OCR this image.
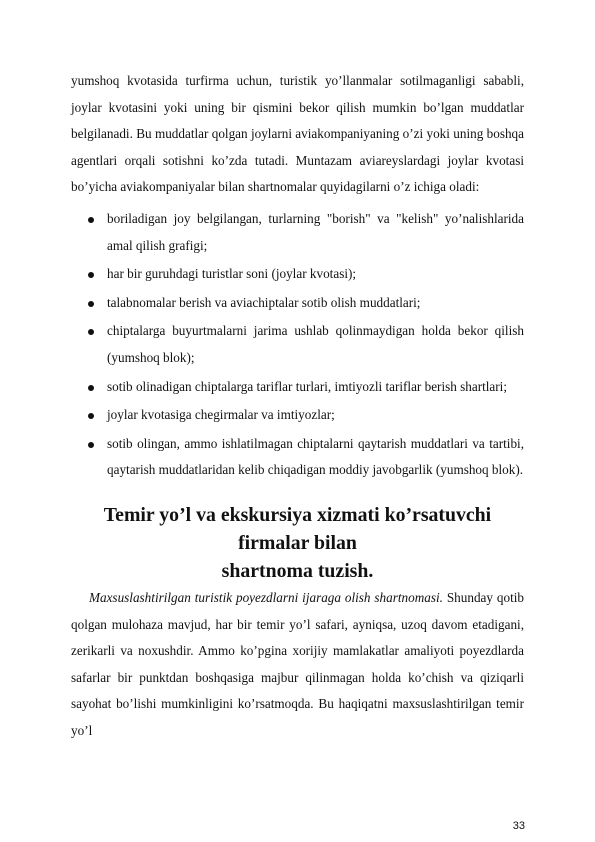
yumshoq kvotasida turfirma uchun, turistik yo’llanmalar sotilmaganligi sababli, joylar kvotasini yoki uning bir qismini bekor qilish mumkin bo’lgan muddatlar belgilanadi. Bu muddatlar qolgan joylarni aviakompaniyaning o’zi yoki uning boshqa agentlari orqali sotishni ko’zda tutadi. Muntazam aviareyslardagi joylar kvotasi bo’yicha aviakompaniyalar bilan shartnomalar quyidagilarni o’z ichiga oladi:

boriladigan joy belgilangan, turlarning "borish" va "kelish" yo’nalishlarida amal qilish grafigi;
har bir guruhdagi turistlar soni (joylar kvotasi);
talabnomalar berish va aviachiptalar sotib olish muddatlari;
chiptalarga buyurtmalarni jarima ushlab qolinmaydigan holda bekor qilish (yumshoq blok);
sotib olinadigan chiptalarga tariflar turlari, imtiyozli tariflar berish shartlari;
joylar kvotasiga chegirmalar va imtiyozlar;
sotib olingan, ammo ishlatilmagan chiptalarni qaytarish muddatlari va tartibi, qaytarish muddatlaridan kelib chiqadigan moddiy javobgarlik (yumshoq blok).
Temir yo’l va ekskursiya xizmati ko’rsatuvchi firmalar bilan
shartnoma tuzish.

Maxsuslashtirilgan turistik poyezdlarni ijaraga olish shartnomasi. Shunday qotib qolgan mulohaza mavjud, har bir temir yo’l safari, ayniqsa, uzoq davom etadigani, zerikarli va noxushdir. Ammo ko’pgina xorijiy mamlakatlar amaliyoti poyezdlarda safarlar bir punktdan boshqasiga majbur qilinmagan holda ko’chish va qiziqarli sayohat bo’lishi mumkinligini ko’rsatmoqda. Bu haqiqatni maxsuslashtirilgan temir yo’l

33
